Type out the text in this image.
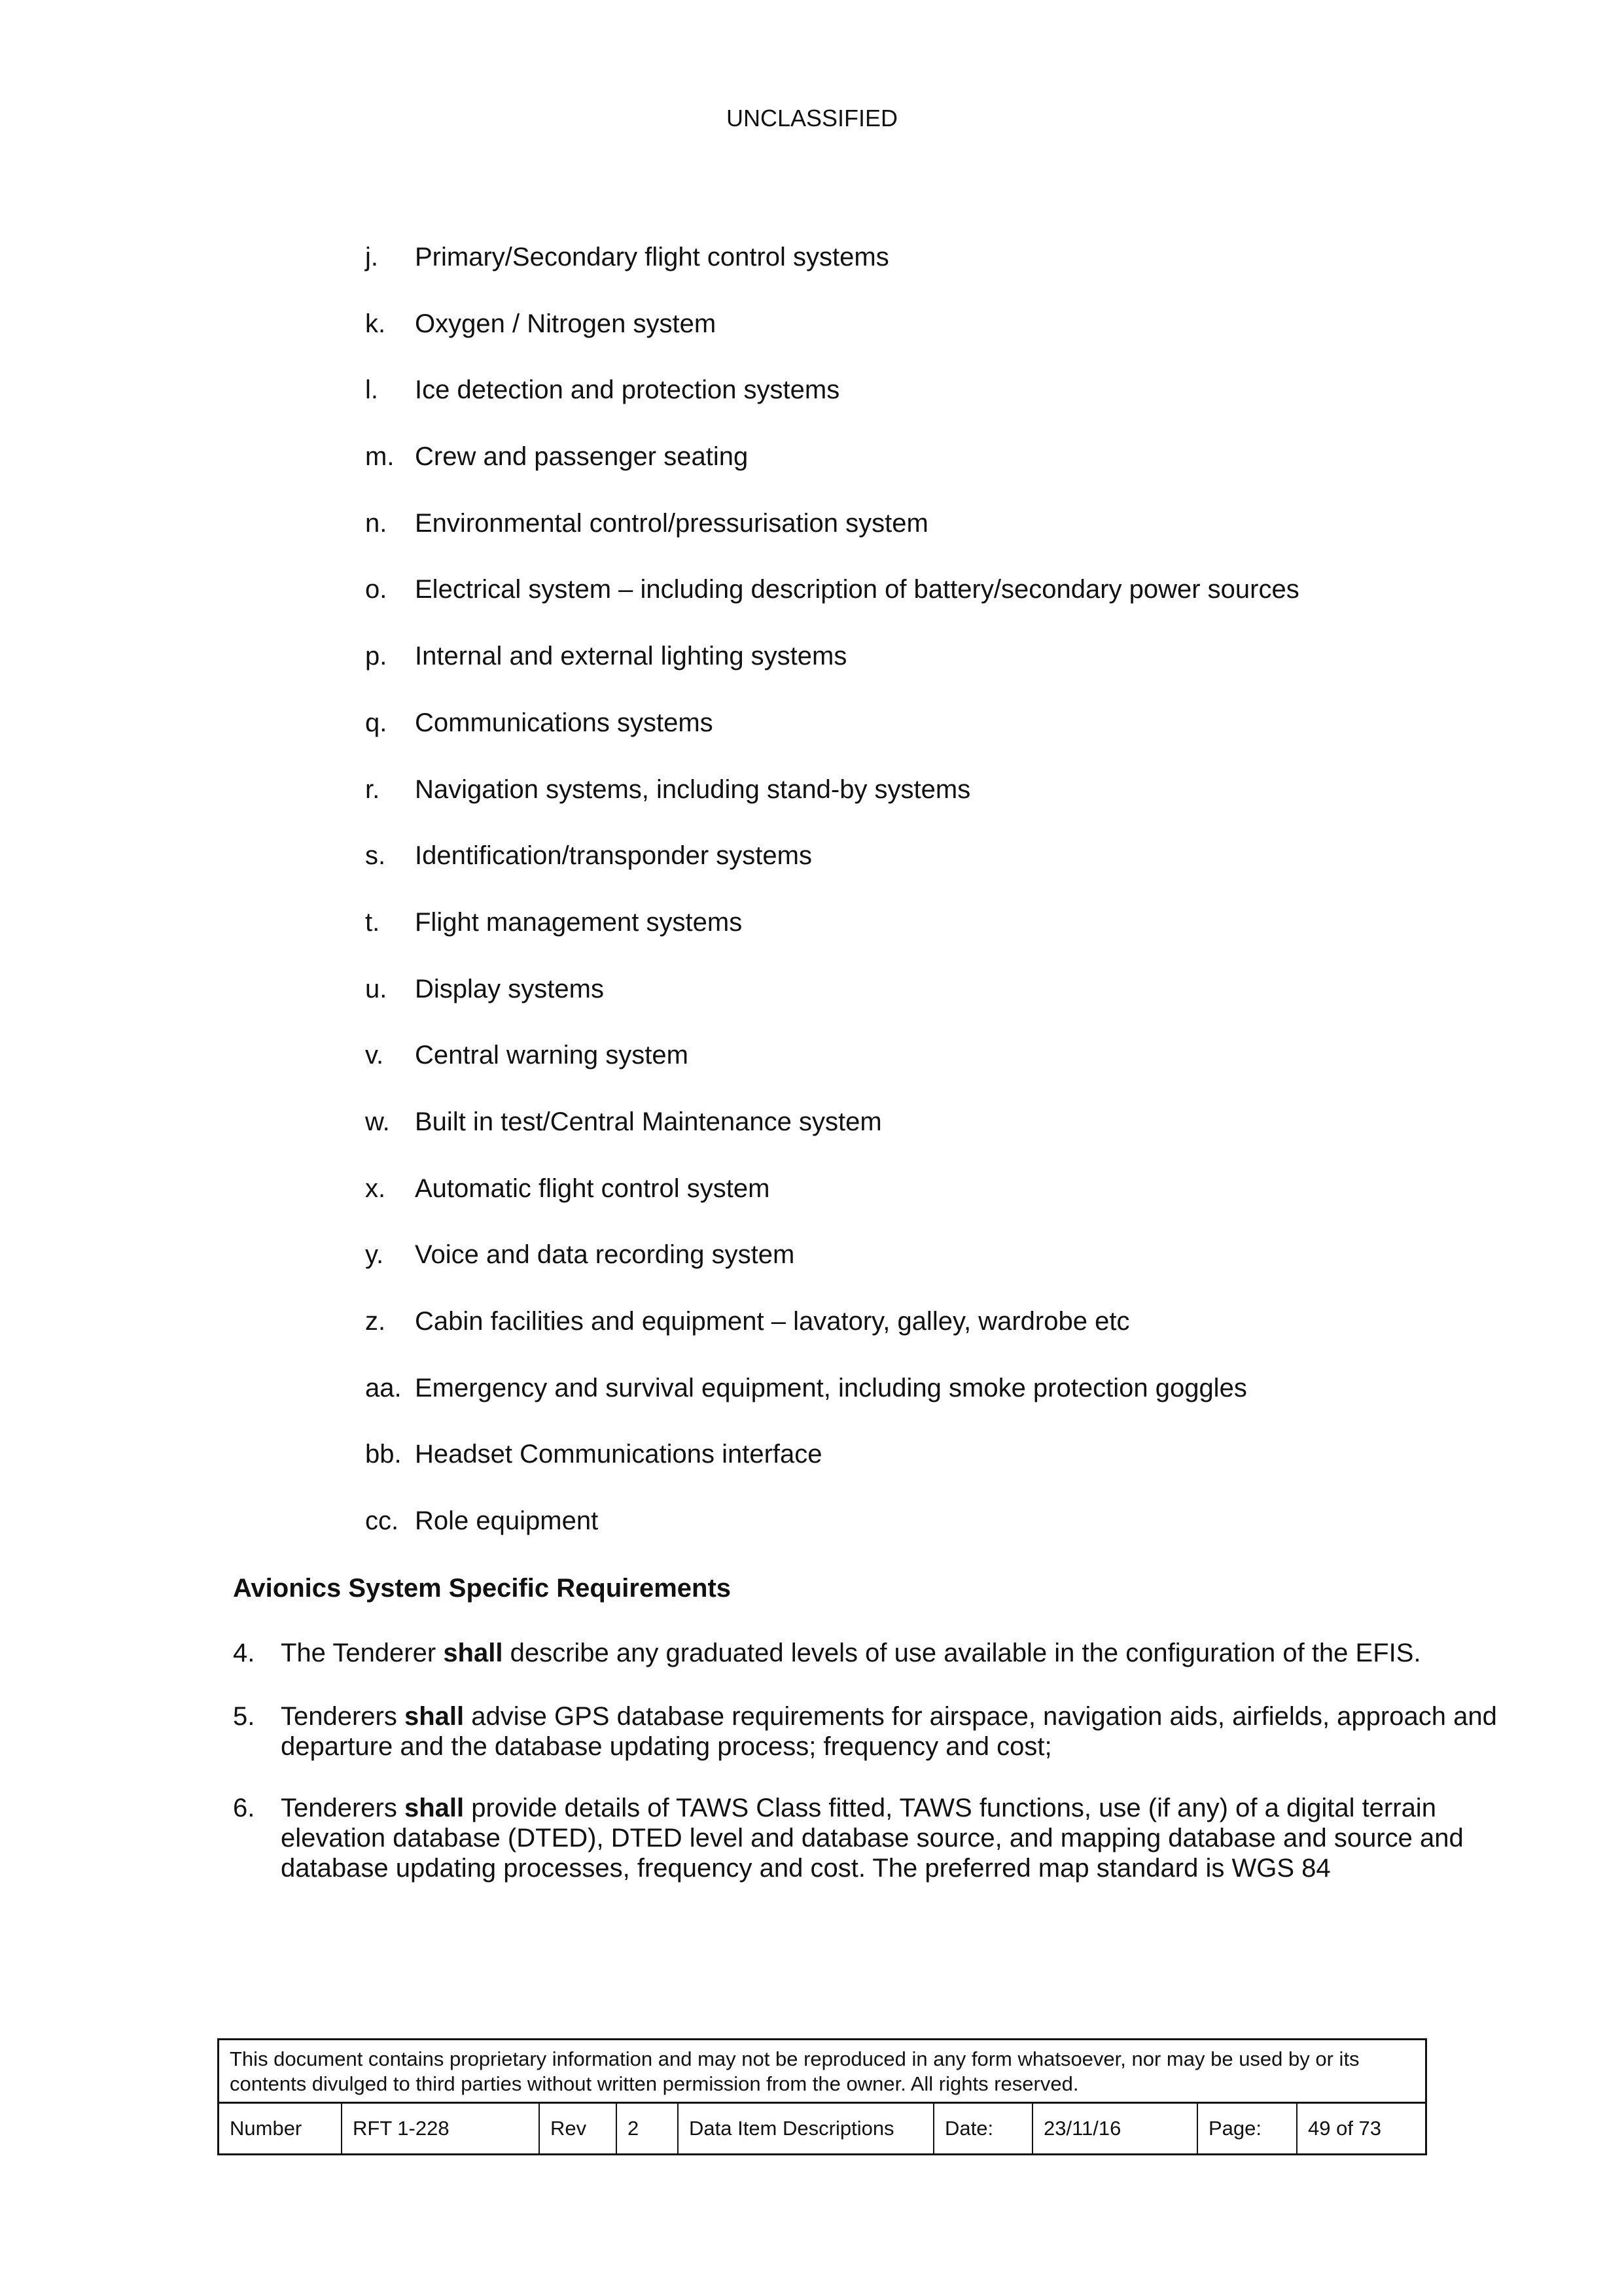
UNCLASSIFIED
j. Primary/Secondary flight control systems
k. Oxygen / Nitrogen system
l. Ice detection and protection systems
m. Crew and passenger seating
n. Environmental control/pressurisation system
o. Electrical system – including description of battery/secondary power sources
p. Internal and external lighting systems
q. Communications systems
r. Navigation systems, including stand-by systems
s. Identification/transponder systems
t. Flight management systems
u. Display systems
v. Central warning system
w. Built in test/Central Maintenance system
x. Automatic flight control system
y. Voice and data recording system
z. Cabin facilities and equipment – lavatory, galley, wardrobe etc
aa. Emergency and survival equipment, including smoke protection goggles
bb. Headset Communications interface
cc. Role equipment
Avionics System Specific Requirements
4. The Tenderer shall describe any graduated levels of use available in the configuration of the EFIS.
5. Tenderers shall advise GPS database requirements for airspace, navigation aids, airfields, approach and departure and the database updating process; frequency and cost;
6. Tenderers shall provide details of TAWS Class fitted, TAWS functions, use (if any) of a digital terrain elevation database (DTED), DTED level and database source, and mapping database and source and database updating processes, frequency and cost. The preferred map standard is WGS 84
This document contains proprietary information and may not be reproduced in any form whatsoever, nor may be used by or its contents divulged to third parties without written permission from the owner. All rights reserved.
Number	RFT 1-228	Rev	2	Data Item Descriptions	Date:	23/11/16	Page:	49 of 73
